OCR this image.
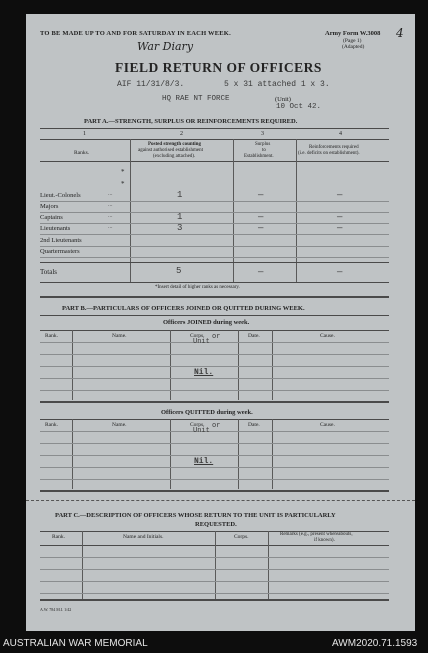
TO BE MADE UP TO AND FOR SATURDAY IN EACH WEEK.	Army Form W.3008
(Page 1)
(Adapted)
4
War Diary
FIELD RETURN OF OFFICERS
AIF 11/31/8/3.	5 x 31 attached 1 x 3.
HQ RAE NT FORCE	(Unit)
10 Oct 42.
PART A.—STRENGTH, SURPLUS OR REINFORCEMENTS REQUIRED.
1	2	3	4
Ranks.
Posted strength counting
against authorised establishment
(excluding attached).
Surplus
to
Establishment.
Reinforcements required
(i.e. deficits on establishment).
*
*
Lieut.-Colonels	...	1	—	—
Majors	...
Captains	...	1	—	—
Lieutenants	...	3	—	—
2nd Lieutenants
Quartermasters
Totals	5	—	—
*Insert detail of higher ranks as necessary.
PART B.—PARTICULARS OF OFFICERS JOINED OR QUITTED DURING WEEK.
Officers JOINED during week.
Rank.	Name.	Corps.	Date.	Cause.
Unit
or
Nil.
Officers QUITTED during week.
Rank.	Name.	Corps.	Date.	Cause.
Unit
or
Nil.
PART C.—DESCRIPTION OF OFFICERS WHOSE RETURN TO THE UNIT IS PARTICULARLY
REQUESTED.
Rank.	Name and Initials.	Corps.	Remarks (e.g., present whereabouts,
if known).
A.W. 784 M.I. 1/42
AUSTRALIAN WAR MEMORIAL	AWM2020.71.1593
